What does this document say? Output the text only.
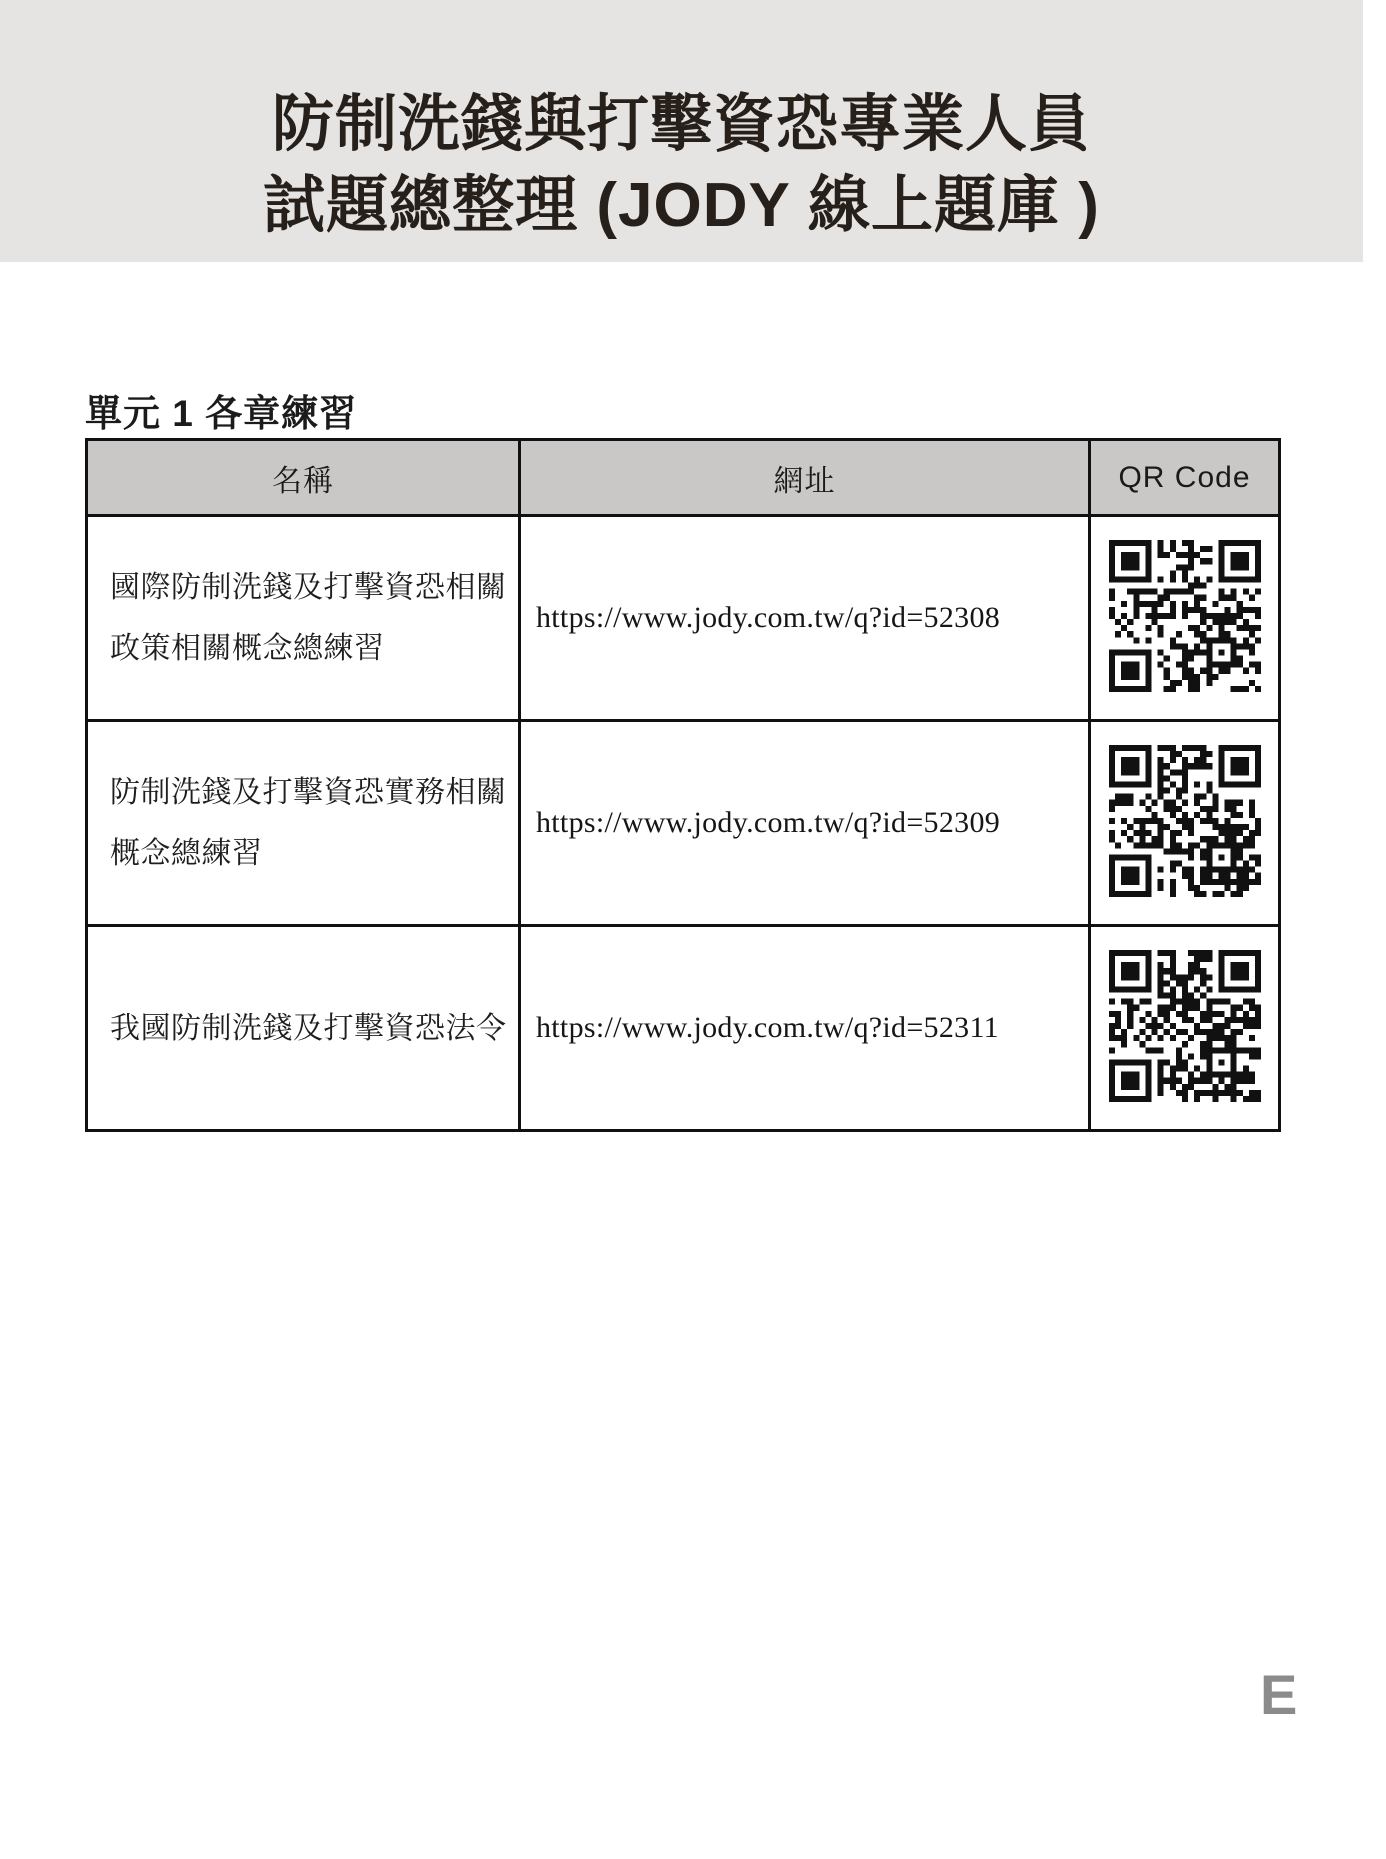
防制洗錢與打擊資恐專業人員
試題總整理 (JODY 線上題庫 )
單元 1 各章練習
名稱	網址	QR Code
國際防制洗錢及打擊資恐相關政策相關概念總練習	https://www.jody.com.tw/q?id=52308	
防制洗錢及打擊資恐實務相關概念總練習	https://www.jody.com.tw/q?id=52309	
我國防制洗錢及打擊資恐法令	https://www.jody.com.tw/q?id=52311	
E
